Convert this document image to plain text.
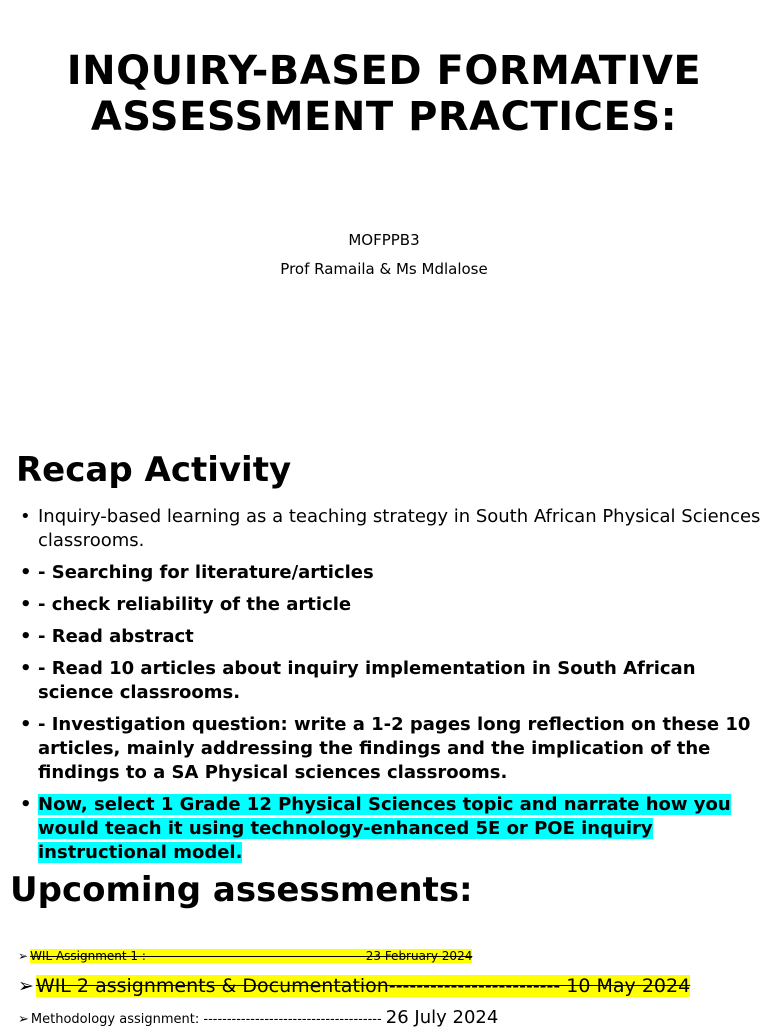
INQUIRY-BASED FORMATIVE ASSESSMENT PRACTICES:
MOFPPB3
Prof Ramaila & Ms Mdlalose
Recap Activity
• Inquiry-based learning as a teaching strategy in South African Physical Sciences classrooms.
• - Searching for literature/articles
• - check reliability of the article
• - Read abstract
• - Read 10 articles about inquiry implementation in South African science classrooms.
• - Investigation question: write a 1-2 pages long reflection on these 10 articles, mainly addressing the findings and the implication of the findings to a SA Physical sciences classrooms.
• Now, select 1 Grade 12 Physical Sciences topic and narrate how you would teach it using technology-enhanced 5E or POE inquiry instructional model.
Upcoming assessments:
➢ WIL Assignment 1 : ------------------------------------------------- 23 February 2024
➢ WIL 2 assignments & Documentation------------------------- 10 May 2024
➢ Methodology assignment: -------------------------------------- 26 July 2024
